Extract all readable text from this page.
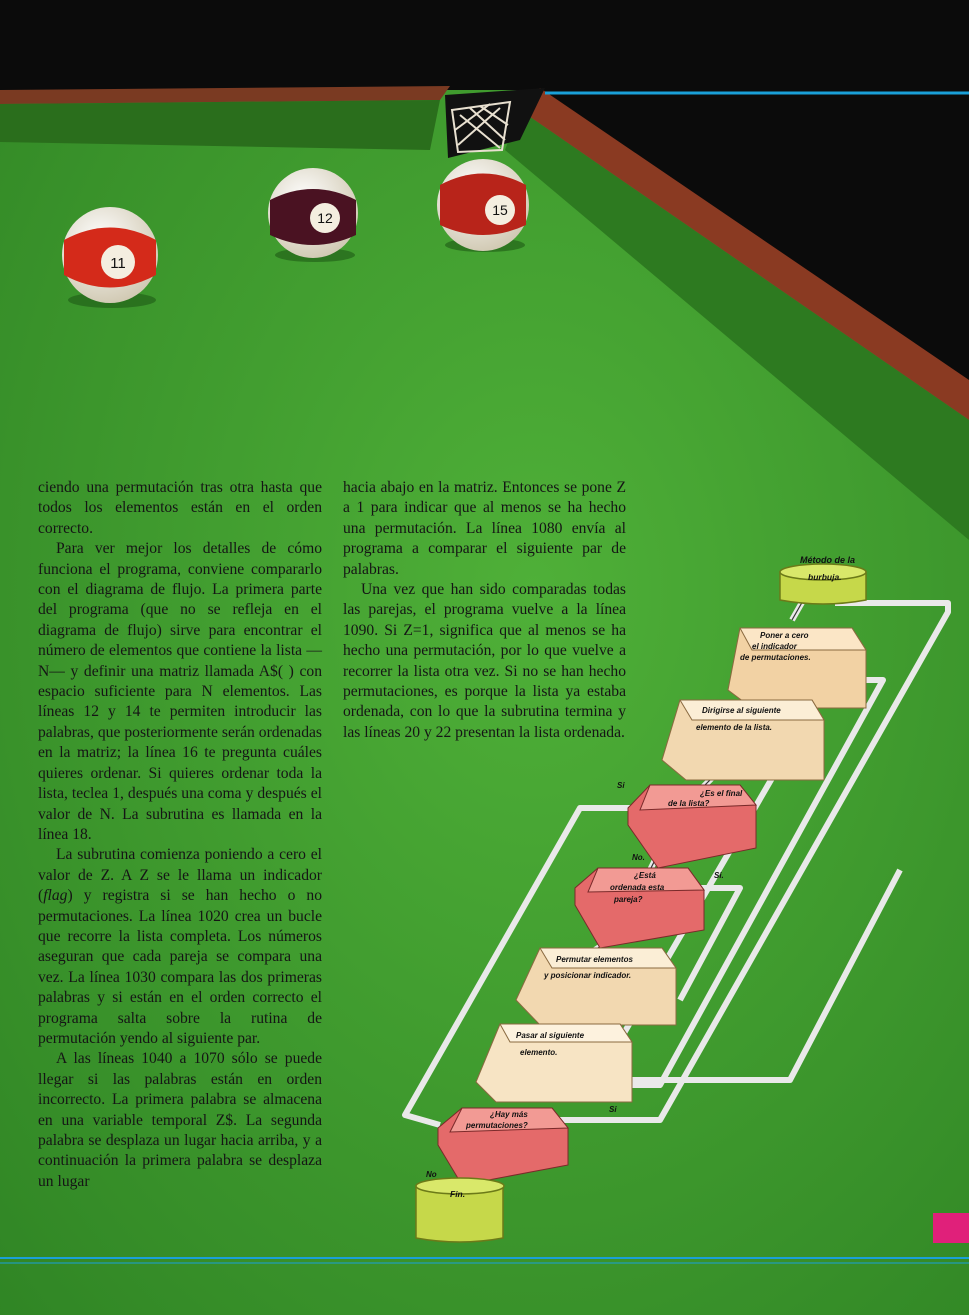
11
12	15
burbuja.
Método de la
Poner a cero
el indicador
de permutaciones.
Dirigirse al siguiente
elemento de la lista.
¿Es el final
de la lista?
¿Está
ordenada esta
pareja?
Permutar elementos
y posicionar indicador.
Pasar al siguiente
elemento.
¿Hay más
permutaciones?
Fin.
Si
No.
Si.
Si
No

ciendo una permutación tras otra hasta que todos los elementos están en el orden correcto.

Para ver mejor los detalles de cómo funciona el programa, conviene compararlo con el diagrama de flujo. La primera parte del programa (que no se refleja en el diagrama de flujo) sirve para encontrar el número de elementos que contiene la lista —N— y definir una matriz llamada A$( ) con espacio suficiente para N elementos. Las líneas 12 y 14 te permiten introducir las palabras, que posteriormente serán ordenadas en la matriz; la línea 16 te pregunta cuáles quieres ordenar. Si quieres ordenar toda la lista, teclea 1, después una coma y después el valor de N. La subrutina es llamada en la línea 18.

La subrutina comienza poniendo a cero el valor de Z. A Z se le llama un indicador (flag) y registra si se han hecho o no permutaciones. La línea 1020 crea un bucle que recorre la lista completa. Los números aseguran que cada pareja se compara una vez. La línea 1030 compara las dos primeras palabras y si están en el orden correcto el programa salta sobre la rutina de permutación yendo al siguiente par.

A las líneas 1040 a 1070 sólo se puede llegar si las palabras están en orden incorrecto. La primera palabra se almacena en una variable temporal Z$. La segunda palabra se desplaza un lugar hacia arriba, y a continuación la primera palabra se desplaza un lugar

hacia abajo en la matriz. Entonces se pone Z a 1 para indicar que al menos se ha hecho una permutación. La línea 1080 envía al programa a comparar el siguiente par de palabras.

Una vez que han sido comparadas todas las parejas, el programa vuelve a la línea 1090. Si Z=1, significa que al menos se ha hecho una permutación, por lo que vuelve a recorrer la lista otra vez. Si no se han hecho permutaciones, es porque la lista ya estaba ordenada, con lo que la subrutina termina y las líneas 20 y 22 presentan la lista ordenada.
